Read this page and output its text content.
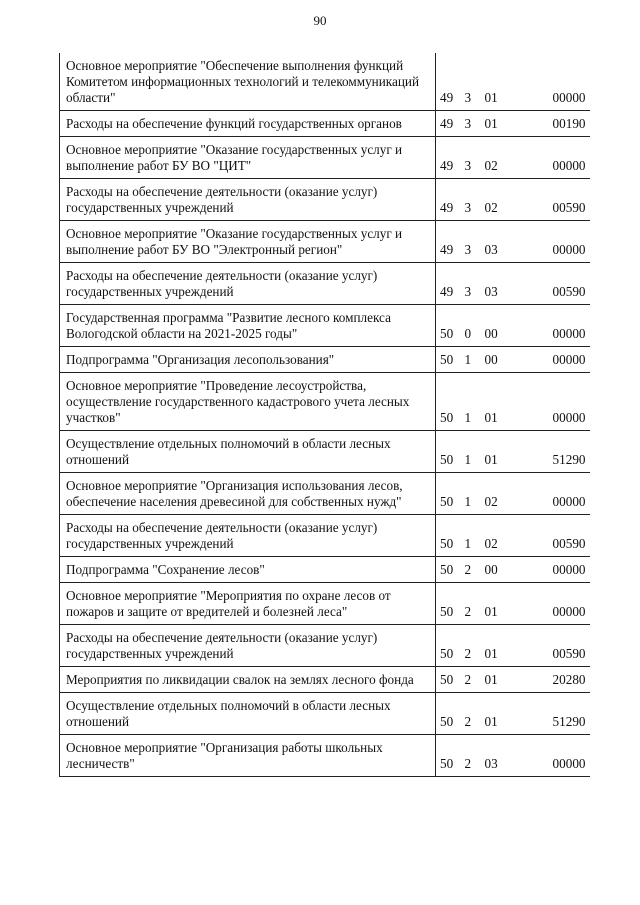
90
Основное мероприятие "Обеспечение выполнения функций Комитетом информационных технологий и телекоммуникаций области"	49	3	01	00000
Расходы на обеспечение функций государственных органов	49	3	01	00190
Основное мероприятие "Оказание государственных услуг и выполнение работ БУ ВО "ЦИТ"	49	3	02	00000
Расходы на обеспечение деятельности (оказание услуг) государственных учреждений	49	3	02	00590
Основное мероприятие "Оказание государственных услуг и выполнение работ БУ ВО "Электронный регион"	49	3	03	00000
Расходы на обеспечение деятельности (оказание услуг) государственных учреждений	49	3	03	00590
Государственная программа "Развитие лесного комплекса Вологодской области на 2021-2025 годы"	50	0	00	00000
Подпрограмма "Организация лесопользования"	50	1	00	00000
Основное мероприятие "Проведение лесоустройства, осуществление государственного кадастрового учета лесных участков"	50	1	01	00000
Осуществление отдельных полномочий в области лесных отношений	50	1	01	51290
Основное мероприятие "Организация использования лесов, обеспечение населения древесиной для собственных нужд"	50	1	02	00000
Расходы на обеспечение деятельности (оказание услуг) государственных учреждений	50	1	02	00590
Подпрограмма "Сохранение лесов"	50	2	00	00000
Основное мероприятие "Мероприятия по охране лесов от пожаров и защите от вредителей и болезней леса"	50	2	01	00000
Расходы на обеспечение деятельности (оказание услуг) государственных учреждений	50	2	01	00590
Мероприятия по ликвидации свалок на землях лесного фонда	50	2	01	20280
Осуществление отдельных полномочий в области лесных отношений	50	2	01	51290
Основное мероприятие "Организация работы школьных лесничеств"	50	2	03	00000
